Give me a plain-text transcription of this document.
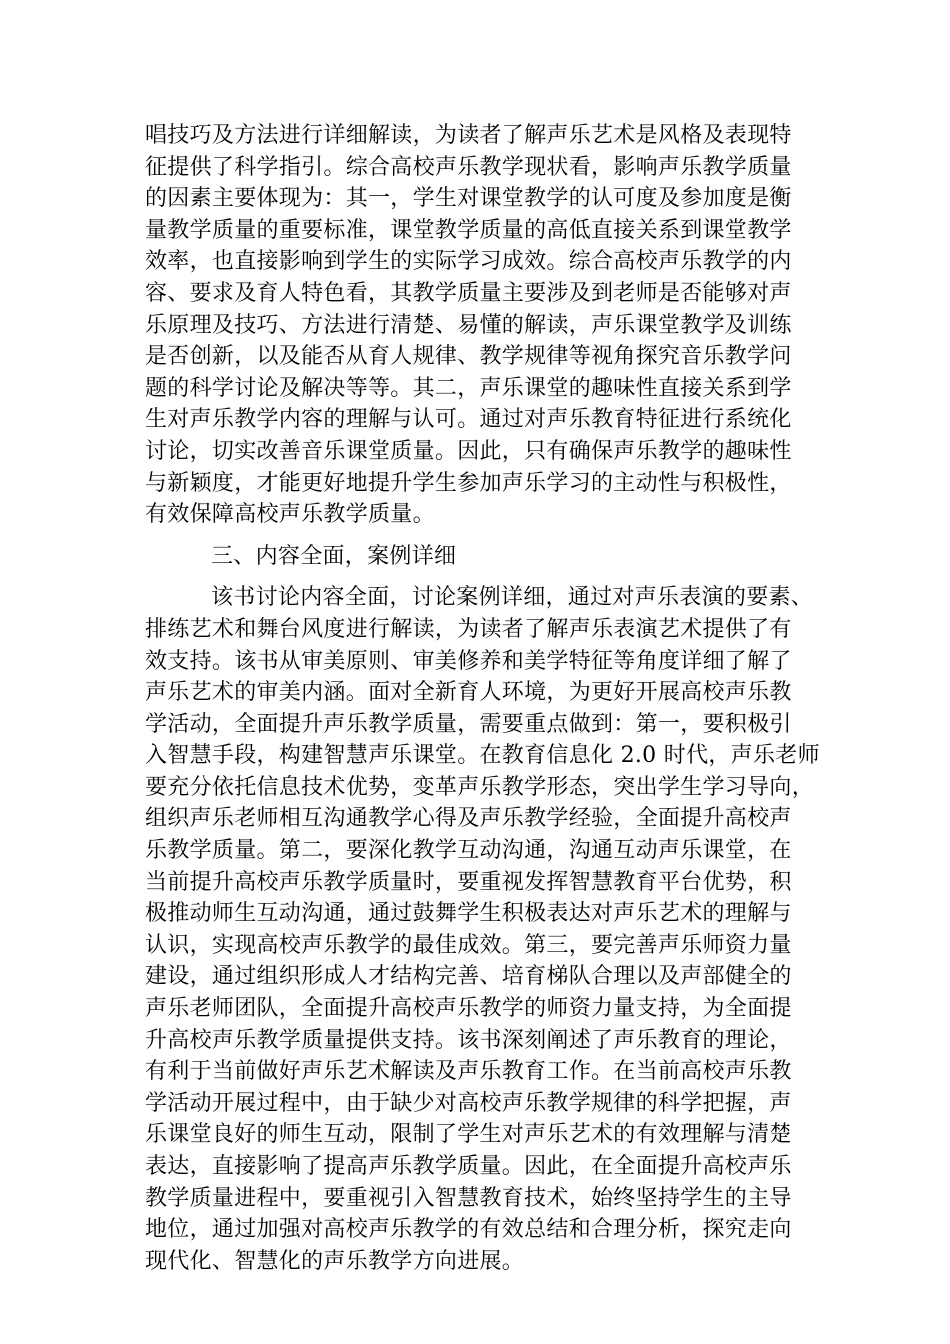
唱技巧及方法进行详细解读，为读者了解声乐艺术是风格及表现特
征提供了科学指引。综合高校声乐教学现状看，影响声乐教学质量
的因素主要体现为：其一，学生对课堂教学的认可度及参加度是衡
量教学质量的重要标准，课堂教学质量的高低直接关系到课堂教学
效率，也直接影响到学生的实际学习成效。综合高校声乐教学的内
容、要求及育人特色看，其教学质量主要涉及到老师是否能够对声
乐原理及技巧、方法进行清楚、易懂的解读，声乐课堂教学及训练
是否创新，以及能否从育人规律、教学规律等视角探究音乐教学问
题的科学讨论及解决等等。其二，声乐课堂的趣味性直接关系到学
生对声乐教学内容的理解与认可。通过对声乐教育特征进行系统化
讨论，切实改善音乐课堂质量。因此，只有确保声乐教学的趣味性
与新颖度，才能更好地提升学生参加声乐学习的主动性与积极性，
有效保障高校声乐教学质量。
三、内容全面，案例详细
该书讨论内容全面，讨论案例详细，通过对声乐表演的要素、
排练艺术和舞台风度进行解读，为读者了解声乐表演艺术提供了有
效支持。该书从审美原则、审美修养和美学特征等角度详细了解了
声乐艺术的审美内涵。面对全新育人环境，为更好开展高校声乐教
学活动，全面提升声乐教学质量，需要重点做到：第一，要积极引
入智慧手段，构建智慧声乐课堂。在教育信息化 2.0 时代，声乐老师
要充分依托信息技术优势，变革声乐教学形态，突出学生学习导向，
组织声乐老师相互沟通教学心得及声乐教学经验，全面提升高校声
乐教学质量。第二，要深化教学互动沟通，沟通互动声乐课堂，在
当前提升高校声乐教学质量时，要重视发挥智慧教育平台优势，积
极推动师生互动沟通，通过鼓舞学生积极表达对声乐艺术的理解与
认识，实现高校声乐教学的最佳成效。第三，要完善声乐师资力量
建设，通过组织形成人才结构完善、培育梯队合理以及声部健全的
声乐老师团队，全面提升高校声乐教学的师资力量支持，为全面提
升高校声乐教学质量提供支持。该书深刻阐述了声乐教育的理论，
有利于当前做好声乐艺术解读及声乐教育工作。在当前高校声乐教
学活动开展过程中，由于缺少对高校声乐教学规律的科学把握，声
乐课堂良好的师生互动，限制了学生对声乐艺术的有效理解与清楚
表达，直接影响了提高声乐教学质量。因此，在全面提升高校声乐
教学质量进程中，要重视引入智慧教育技术，始终坚持学生的主导
地位，通过加强对高校声乐教学的有效总结和合理分析，探究走向
现代化、智慧化的声乐教学方向进展。
